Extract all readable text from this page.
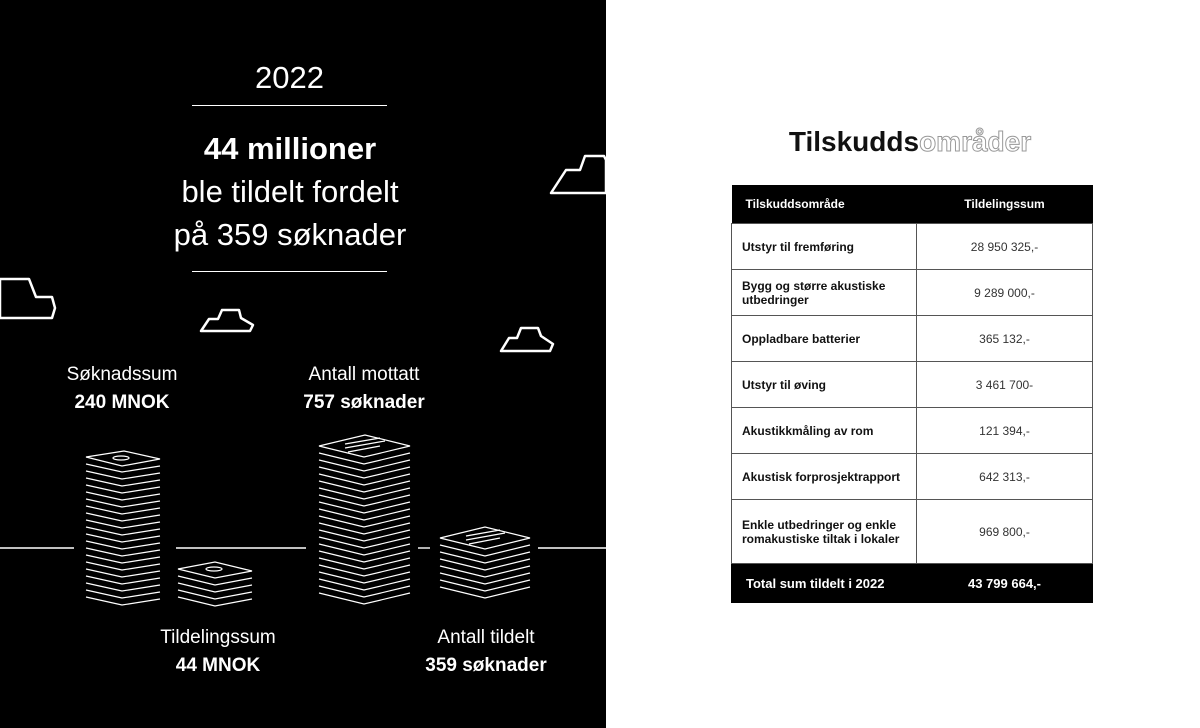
2022
44 millioner
ble tildelt fordelt
på 359 søknader
Søknadssum
240 MNOK
Antall mottatt
757 søknader
Tildelingssum
44 MNOK
Antall tildelt
359 søknader
Tilskuddsområder
Tilskuddsområde	Tildelingssum
Utstyr til fremføring	28 950 325,-
Bygg og større akustiske utbedringer	9 289 000,-
Oppladbare batterier	365 132,-
Utstyr til øving	3 461 700-
Akustikkmåling av rom	121 394,-
Akustisk forprosjektrapport	642 313,-
Enkle utbedringer og enkle romakustiske tiltak i lokaler	969 800,-
Total sum tildelt i 2022	43 799 664,-
